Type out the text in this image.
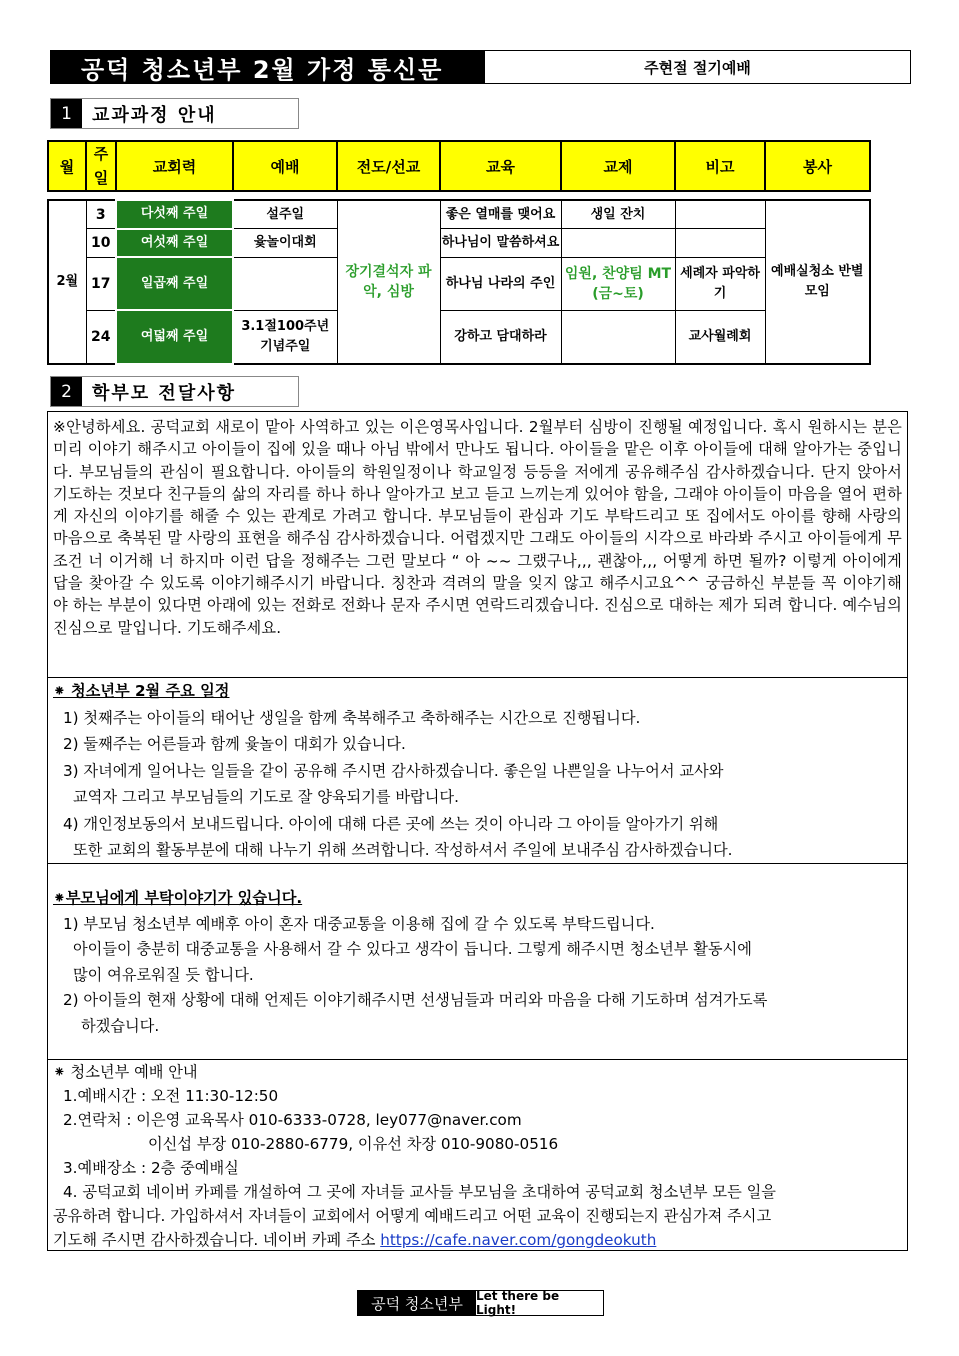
공덕 청소년부 2월 가정 통신문	주현절 절기예배
1	교과과정 안내
월	주일	교회력	예배	전도/선교	교육	교제	비고	봉사
2월	3	다섯째 주일	설주일	장기결석자 파악, 심방	좋은 열매를 맺어요	생일 잔치		예배실청소 반별모임
	10	여섯째 주일	윷놀이대회		하나님이 말씀하셔요			
	17	일곱째 주일			하나님 나라의 주인	임원, 찬양팀 MT (금~토)	세례자 파악하기	
	24	여덟째 주일	3.1절100주년 기념주일		강하고 담대하라		교사월례회	
2	학부모 전달사항
※안녕하세요. 공덕교회 새로이 맡아 사역하고 있는 이은영목사입니다. 2월부터 심방이 진행될 예정입니다. 혹시 원하시는 분은 미리 이야기 해주시고 아이들이 집에 있을 때나 아님 밖에서 만나도 됩니다. 아이들을 맡은 이후 아이들에 대해 알아가는 중입니다. 부모님들의 관심이 필요합니다. 아이들의 학원일정이나 학교일정 등등을 저에게 공유해주심 감사하겠습니다. 단지 앉아서 기도하는 것보다 친구들의 삶의 자리를 하나 하나 알아가고 보고 듣고 느끼는게 있어야 함을, 그래야 아이들이 마음을 열어 편하게 자신의 이야기를 해줄 수 있는 관계로 가려고 합니다. 부모님들이 관심과 기도 부탁드리고 또 집에서도 아이를 향해 사랑의 마음으로 축복된 말 사랑의 표현을 해주심 감사하겠습니다. 어렵겠지만 그래도 아이들의 시각으로 바라봐 주시고 아이들에게 무조건 너 이거해 너 하지마 이런 답을 정해주는 그런 말보다 “ 아 ~~ 그랬구나,,, 괜찮아,,, 어떻게 하면 될까? 이렇게 아이에게 답을 찾아갈 수 있도록 이야기해주시기 바랍니다. 칭찬과 격려의 말을 잊지 않고 해주시고요^^ 궁금하신 부분들 꼭 이야기해야 하는 부분이 있다면 아래에 있는 전화로 전화나 문자 주시면 연락드리겠습니다. 진심으로 대하는 제가 되려 합니다. 예수님의 진심으로 말입니다. 기도해주세요.
⁕ 청소년부 2월 주요 일정
1) 첫째주는 아이들의 태어난 생일을 함께 축복해주고 축하해주는 시간으로 진행됩니다.
2) 둘째주는 어른들과 함께 윷놀이 대회가 있습니다.
3) 자녀에게 일어나는 일들을 같이 공유해 주시면 감사하겠습니다. 좋은일 나쁜일을 나누어서 교사와
교역자 그리고 부모님들의 기도로 잘 양육되기를 바랍니다.
4) 개인정보동의서 보내드립니다. 아이에 대해 다른 곳에 쓰는 것이 아니라 그 아이들 알아가기 위해
또한 교회의 활동부분에 대해 나누기 위해 쓰려합니다. 작성하셔서 주일에 보내주심 감사하겠습니다.
⁕부모님에게 부탁이야기가 있습니다.
1) 부모님 청소년부 예배후 아이 혼자 대중교통을 이용해 집에 갈 수 있도록 부탁드립니다.
아이들이 충분히 대중교통을 사용해서 갈 수 있다고 생각이 듭니다. 그렇게 해주시면 청소년부 활동시에
많이 여유로워질 듯 합니다.
2) 아이들의 현재 상황에 대해 언제든 이야기해주시면 선생님들과 머리와 마음을 다해 기도하며 섬겨가도록
하겠습니다.
⁕ 청소년부 예배 안내
1.예배시간 : 오전 11:30-12:50
2.연락처 : 이은영 교육목사 010-6333-0728, ley077@naver.com
이신섭 부장 010-2880-6779, 이유선 차장 010-9080-0516
3.예배장소 : 2층 중예배실
4. 공덕교회 네이버 카페를 개설하여 그 곳에 자녀들 교사들 부모님을 초대하여 공덕교회 청소년부 모든 일을
공유하려 합니다. 가입하셔서 자녀들이 교회에서 어떻게 예배드리고 어떤 교육이 진행되는지 관심가져 주시고
기도해 주시면 감사하겠습니다. 네이버 카페 주소 https://cafe.naver.com/gongdeokuth
공덕 청소년부	Let there be Light!
